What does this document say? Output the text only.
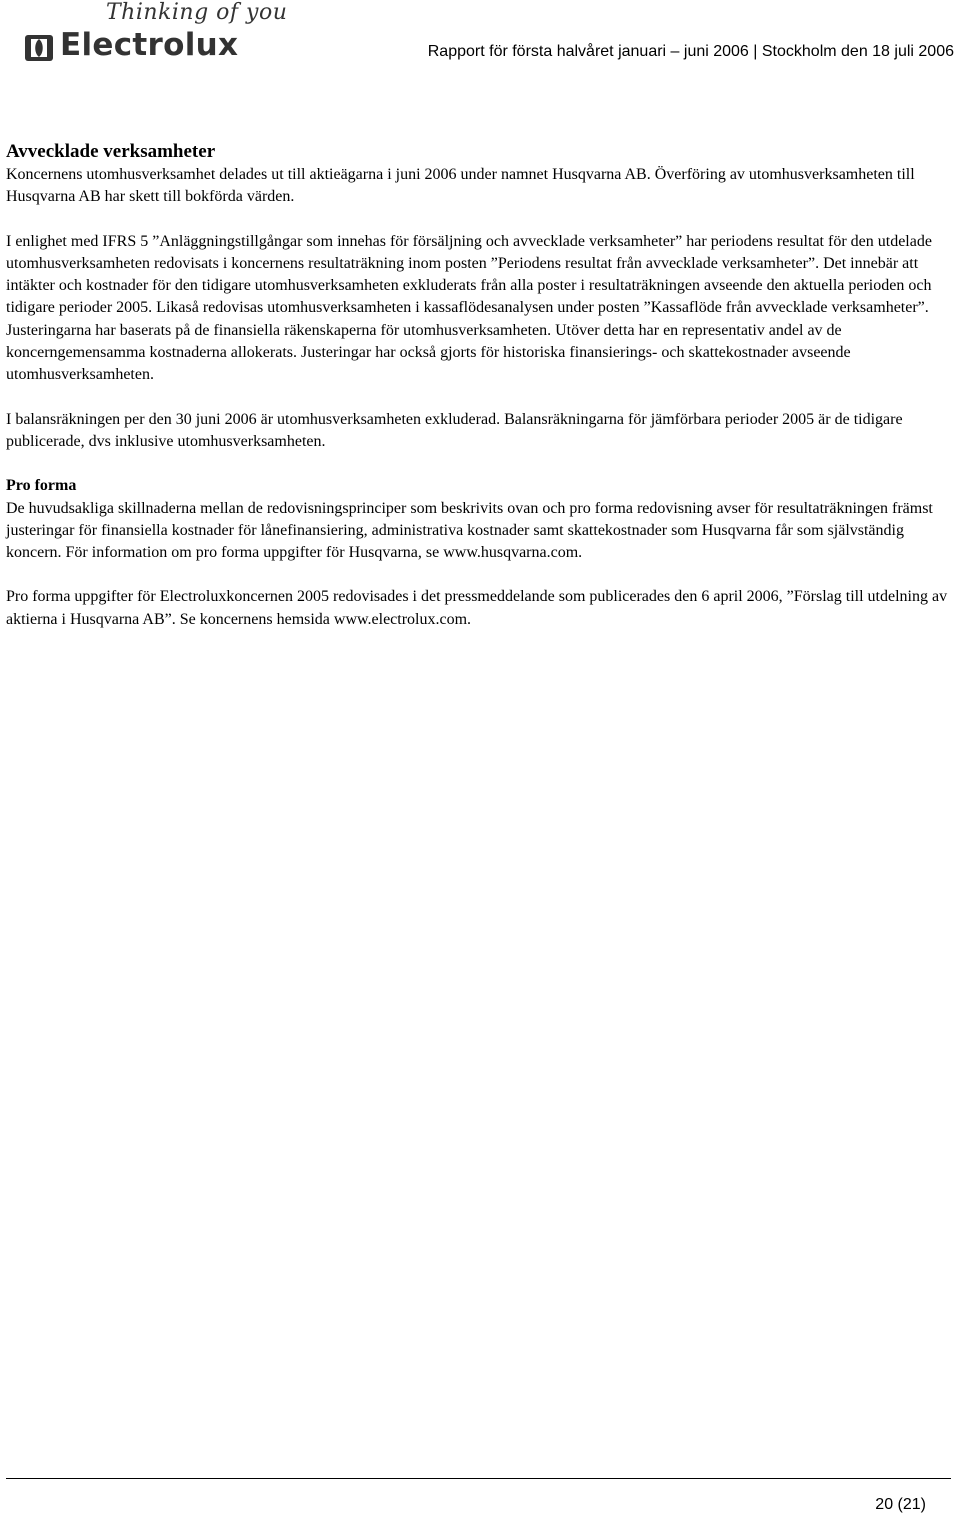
Thinking of you
Electrolux	Rapport för första halvåret januari – juni 2006 | Stockholm den 18 juli 2006
Avvecklade verksamheter

Koncernens utomhusverksamhet delades ut till aktieägarna i juni 2006 under namnet Husqvarna AB. Överföring av utomhusverksamheten till Husqvarna AB har skett till bokförda värden.

I enlighet med IFRS 5 ”Anläggningstillgångar som innehas för försäljning och avvecklade verksamheter” har periodens resultat för den utdelade utomhusverksamheten redovisats i koncernens resultaträkning inom posten ”Periodens resultat från avvecklade verksamheter”. Det innebär att intäkter och kostnader för den tidigare utomhusverksamheten exkluderats från alla poster i resultaträkningen avseende den aktuella perioden och tidigare perioder 2005. Likaså redovisas utomhusverksamheten i kassaflödesanalysen under posten ”Kassaflöde från avvecklade verksamheter”. Justeringarna har baserats på de finansiella räkenskaperna för utomhusverksamheten. Utöver detta har en representativ andel av de koncerngemensamma kostnaderna allokerats. Justeringar har också gjorts för historiska finansierings- och skattekostnader avseende utomhusverksamheten.

I balansräkningen per den 30 juni 2006 är utomhusverksamheten exkluderad. Balansräkningarna för jämförbara perioder 2005 är de tidigare publicerade, dvs inklusive utomhusverksamheten.

Pro forma

De huvudsakliga skillnaderna mellan de redovisningsprinciper som beskrivits ovan och pro forma redovisning avser för resultaträkningen främst justeringar för finansiella kostnader för lånefinansiering, administrativa kostnader samt skattekostnader som Husqvarna får som självständig koncern. För information om pro forma uppgifter för Husqvarna, se www.husqvarna.com.

Pro forma uppgifter för Electroluxkoncernen 2005 redovisades i det pressmeddelande som publicerades den 6 april 2006, ”Förslag till utdelning av aktierna i Husqvarna AB”. Se koncernens hemsida www.electrolux.com.

20 (21)
